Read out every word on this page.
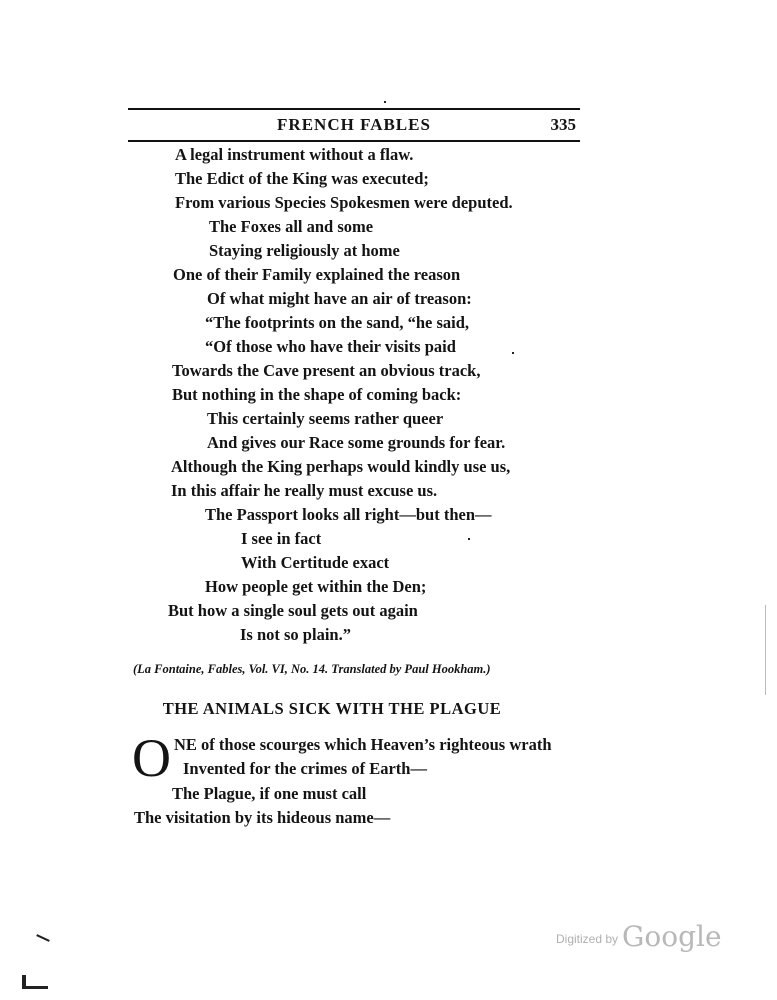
FRENCH FABLES	335
A legal instrument without a flaw.
The Edict of the King was executed;
From various Species Spokesmen were deputed.
The Foxes all and some
Staying religiously at home
One of their Family explained the reason
Of what might have an air of treason:
“The footprints on the sand, “he said,
“Of those who have their visits paid
Towards the Cave present an obvious track,
But nothing in the shape of coming back:
This certainly seems rather queer
And gives our Race some grounds for fear.
Although the King perhaps would kindly use us,
In this affair he really must excuse us.
The Passport looks all right—but then—
I see in fact
With Certitude exact
How people get within the Den;
But how a single soul gets out again
Is not so plain.”
(La Fontaine, Fables, Vol. VI, No. 14. Translated by Paul Hookham.)
THE ANIMALS SICK WITH THE PLAGUE
O NE of those scourges which Heaven’s righteous wrath
Invented for the crimes of Earth—
The Plague, if one must call
The visitation by its hideous name—
Digitized by Google
